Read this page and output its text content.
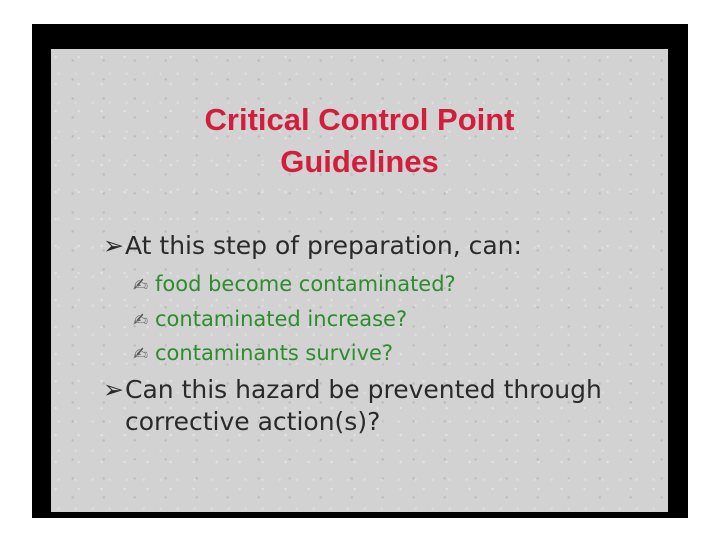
Critical Control Point
Guidelines
➢ At this step of preparation, can:
✍ food become contaminated?
✍ contaminated increase?
✍ contaminants survive?
➢ Can this hazard be prevented through corrective action(s)?
